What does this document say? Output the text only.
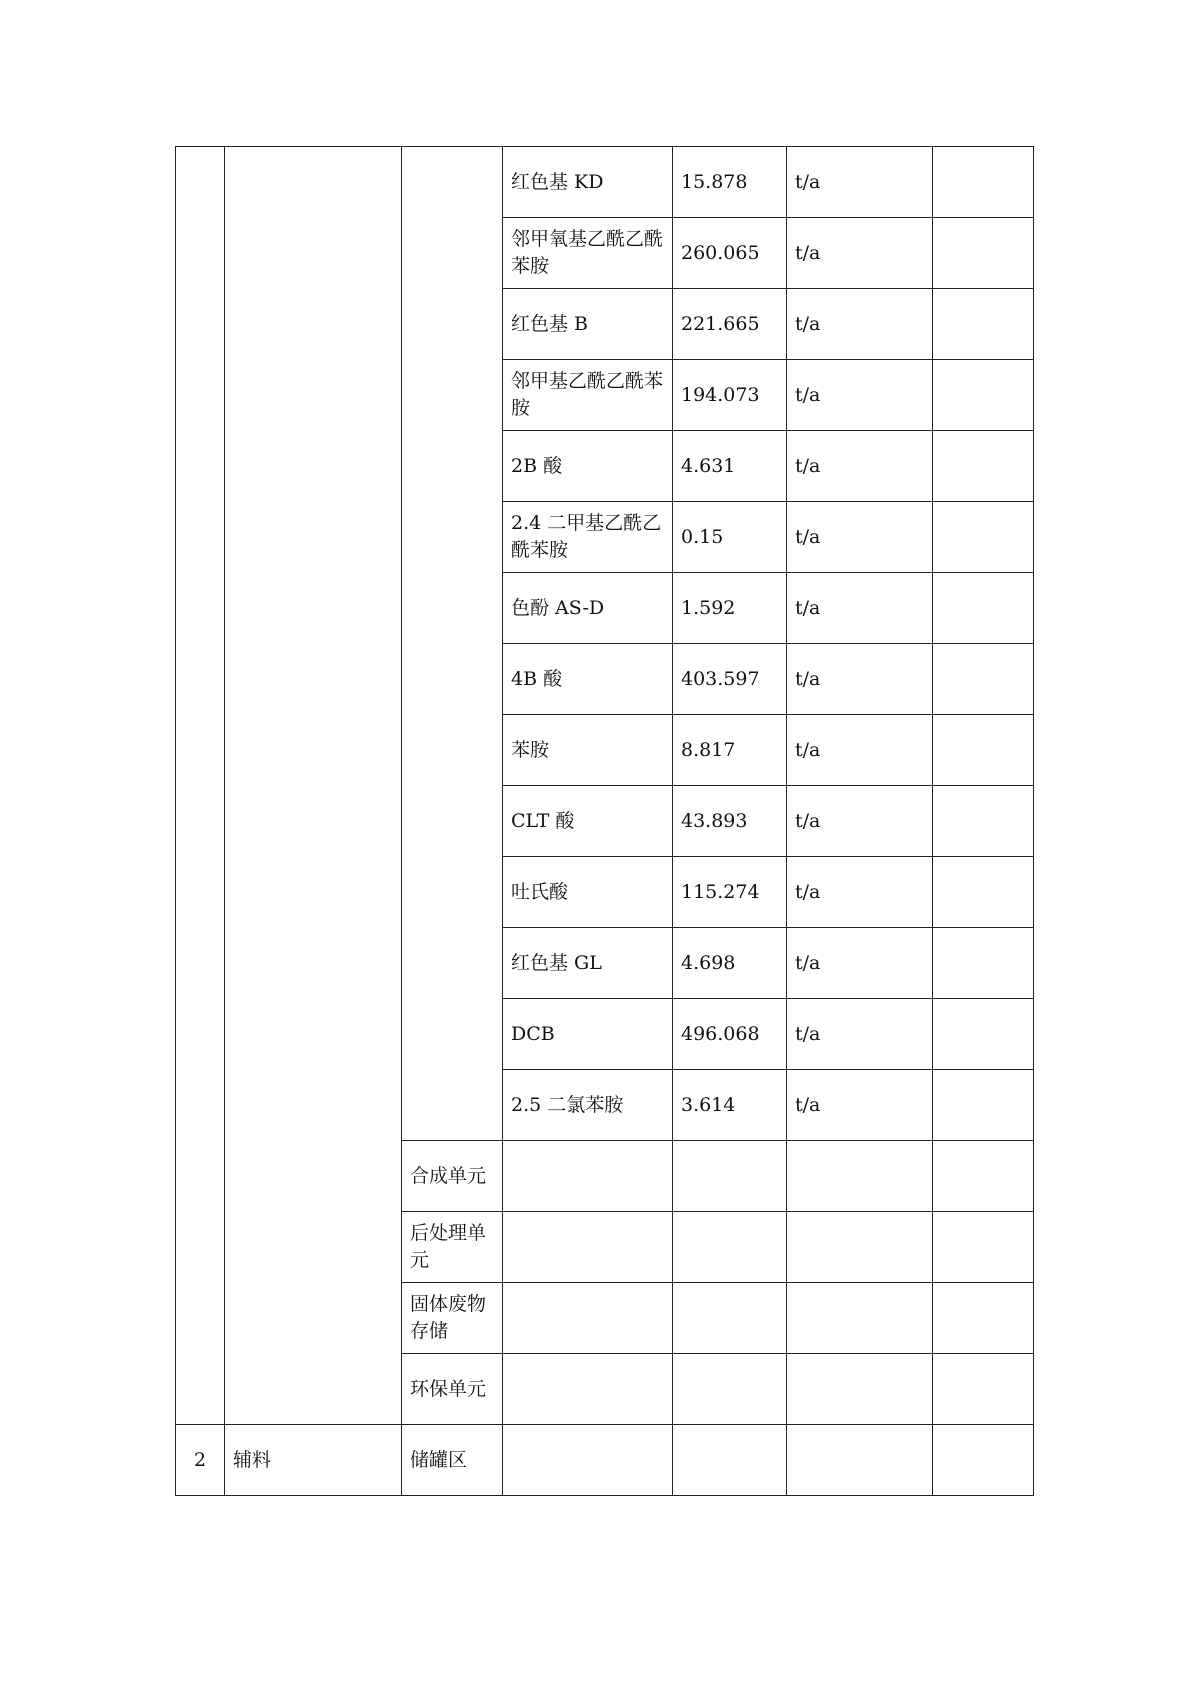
			红色基 KD	15.878	t/a	
			邻甲氧基乙酰乙酰苯胺	260.065	t/a	
			红色基 B	221.665	t/a	
			邻甲基乙酰乙酰苯胺	194.073	t/a	
			2B 酸	4.631	t/a	
			2.4 二甲基乙酰乙酰苯胺	0.15	t/a	
			色酚 AS-D	1.592	t/a	
			4B 酸	403.597	t/a	
			苯胺	8.817	t/a	
			CLT 酸	43.893	t/a	
			吐氏酸	115.274	t/a	
			红色基 GL	4.698	t/a	
			DCB	496.068	t/a	
			2.5 二氯苯胺	3.614	t/a	
		合成单元				
		后处理单元				
		固体废物存储				
		环保单元				
2	辅料	储罐区				
